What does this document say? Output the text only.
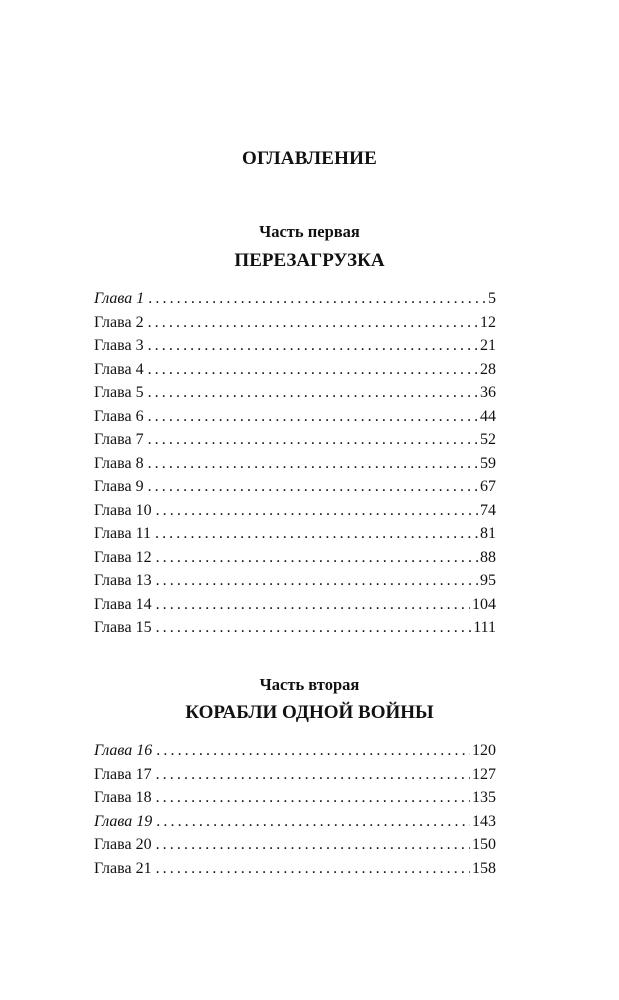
ОГЛАВЛЕНИЕ
Часть первая
ПЕРЕЗАГРУЗКА
Глава 1 .....	5
Глава 2 .....	12
Глава 3 .....	21
Глава 4 .....	28
Глава 5 .....	36
Глава 6 .....	44
Глава 7 .....	52
Глава 8 .....	59
Глава 9 .....	67
Глава 10 .....	74
Глава 11 .....	81
Глава 12 .....	88
Глава 13 .....	95
Глава 14 .....	104
Глава 15 .....	111
Часть вторая
КОРАБЛИ ОДНОЙ ВОЙНЫ
Глава 16 .....	120
Глава 17 .....	127
Глава 18 .....	135
Глава 19 .....	143
Глава 20 .....	150
Глава 21 .....	158
